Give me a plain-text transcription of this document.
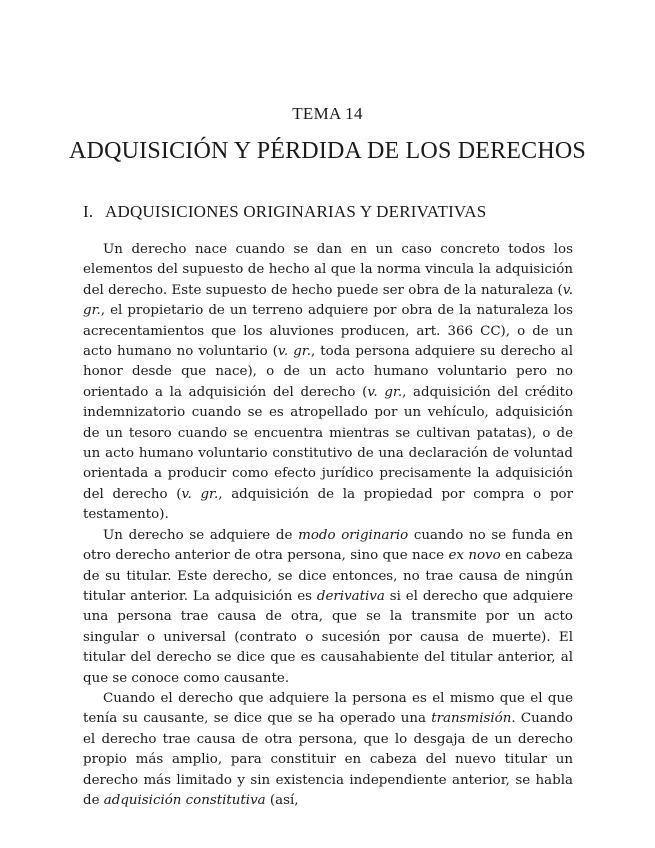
TEMA 14
ADQUISICIÓN Y PÉRDIDA DE LOS DERECHOS
I. ADQUISICIONES ORIGINARIAS Y DERIVATIVAS

Un derecho nace cuando se dan en un caso concreto todos los elementos del supuesto de hecho al que la norma vincula la adquisición del derecho. Este supuesto de hecho puede ser obra de la naturaleza (v. gr., el propietario de un terreno adquiere por obra de la naturaleza los acrecentamientos que los aluviones producen, art. 366 CC), o de un acto humano no voluntario (v. gr., toda persona adquiere su derecho al honor desde que nace), o de un acto humano voluntario pero no orientado a la adquisición del derecho (v. gr., adquisición del crédito indemnizatorio cuando se es atropellado por un vehículo, adquisición de un tesoro cuando se encuentra mientras se cultivan patatas), o de un acto humano voluntario constitutivo de una declaración de voluntad orientada a producir como efecto jurídico precisamente la adquisición del derecho (v. gr., adquisición de la propiedad por compra o por testamento).

Un derecho se adquiere de modo originario cuando no se funda en otro derecho anterior de otra persona, sino que nace ex novo en cabeza de su titular. Este derecho, se dice entonces, no trae causa de ningún titular anterior. La adquisición es derivativa si el derecho que adquiere una persona trae causa de otra, que se la transmite por un acto singular o universal (contrato o sucesión por causa de muerte). El titular del derecho se dice que es causahabiente del titular anterior, al que se conoce como causante.

Cuando el derecho que adquiere la persona es el mismo que el que tenía su causante, se dice que se ha operado una transmisión. Cuando el derecho trae causa de otra persona, que lo desgaja de un derecho propio más amplio, para constituir en cabeza del nuevo titular un derecho más limitado y sin existencia independiente anterior, se habla de adquisición constitutiva (así,
